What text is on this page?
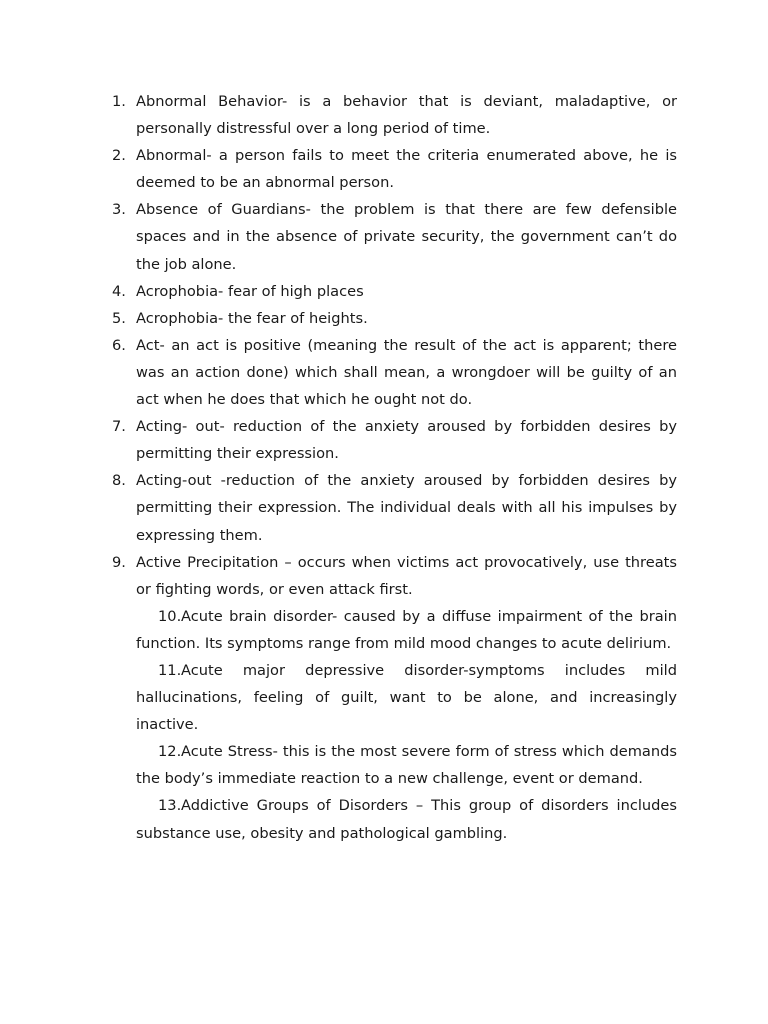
1. Abnormal Behavior- is a behavior that is deviant, maladaptive, or personally distressful over a long period of time.
2. Abnormal- a person fails to meet the criteria enumerated above, he is deemed to be an abnormal person.
3. Absence of Guardians- the problem is that there are few defensible spaces and in the absence of private security, the government can’t do the job alone.
4. Acrophobia- fear of high places
5. Acrophobia- the fear of heights.
6. Act- an act is positive (meaning the result of the act is apparent; there was an action done) which shall mean, a wrongdoer will be guilty of an act when he does that which he ought not do.
7. Acting- out- reduction of the anxiety aroused by forbidden desires by permitting their expression.
8. Acting-out -reduction of the anxiety aroused by forbidden desires by permitting their expression. The individual deals with all his impulses by expressing them.
9. Active Precipitation – occurs when victims act provocatively, use threats or fighting words, or even attack first.
10. Acute brain disorder- caused by a diffuse impairment of the brain function. Its symptoms range from mild mood changes to acute delirium.
11. Acute major depressive disorder-symptoms includes mild hallucinations, feeling of guilt, want to be alone, and increasingly inactive.
12. Acute Stress- this is the most severe form of stress which demands the body’s immediate reaction to a new challenge, event or demand.
13. Addictive Groups of Disorders – This group of disorders includes substance use, obesity and pathological gambling.
